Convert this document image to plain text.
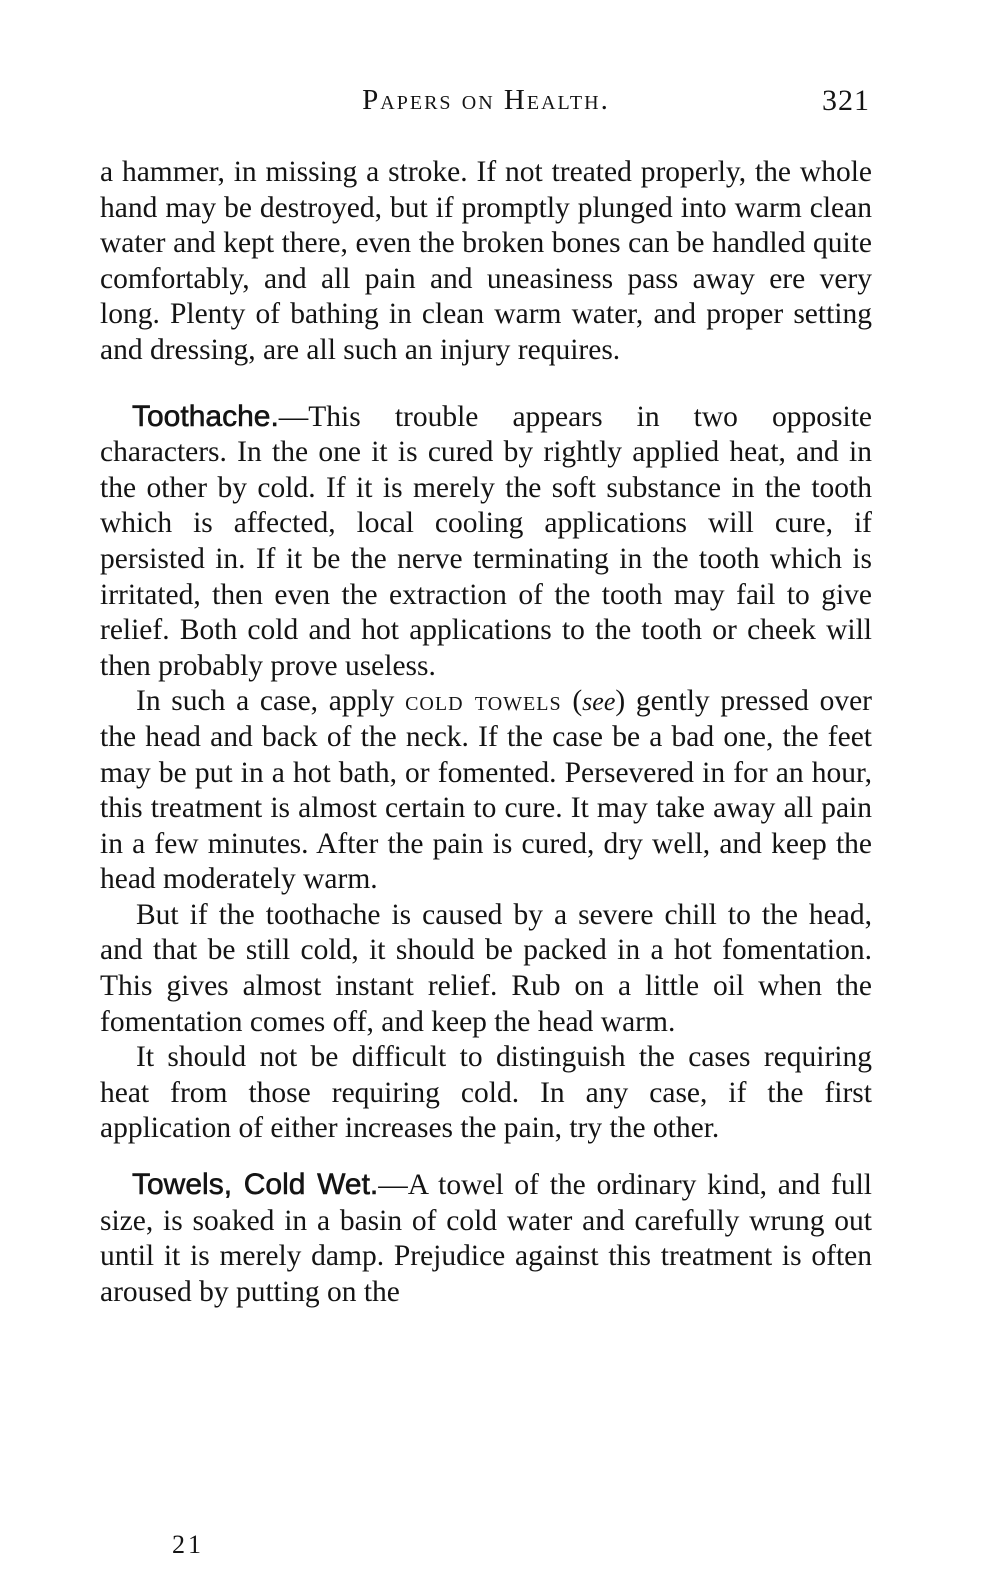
Papers on Health.	321

a hammer, in missing a stroke. If not treated properly, the whole hand may be destroyed, but if promptly plunged into warm clean water and kept there, even the broken bones can be handled quite comfortably, and all pain and uneasiness pass away ere very long. Plenty of bathing in clean warm water, and proper setting and dressing, are all such an injury requires.

Toothache.—This trouble appears in two opposite characters. In the one it is cured by rightly applied heat, and in the other by cold. If it is merely the soft substance in the tooth which is affected, local cooling applications will cure, if persisted in. If it be the nerve terminating in the tooth which is irritated, then even the extraction of the tooth may fail to give relief. Both cold and hot applications to the tooth or cheek will then probably prove useless.

In such a case, apply cold towels (see) gently pressed over the head and back of the neck. If the case be a bad one, the feet may be put in a hot bath, or fomented. Persevered in for an hour, this treatment is almost certain to cure. It may take away all pain in a few minutes. After the pain is cured, dry well, and keep the head moderately warm.

But if the toothache is caused by a severe chill to the head, and that be still cold, it should be packed in a hot fomentation. This gives almost instant relief. Rub on a little oil when the fomentation comes off, and keep the head warm.

It should not be difficult to distinguish the cases requiring heat from those requiring cold. In any case, if the first application of either increases the pain, try the other.

Towels, Cold Wet.—A towel of the ordinary kind, and full size, is soaked in a basin of cold water and carefully wrung out until it is merely damp. Prejudice against this treatment is often aroused by putting on the

21
